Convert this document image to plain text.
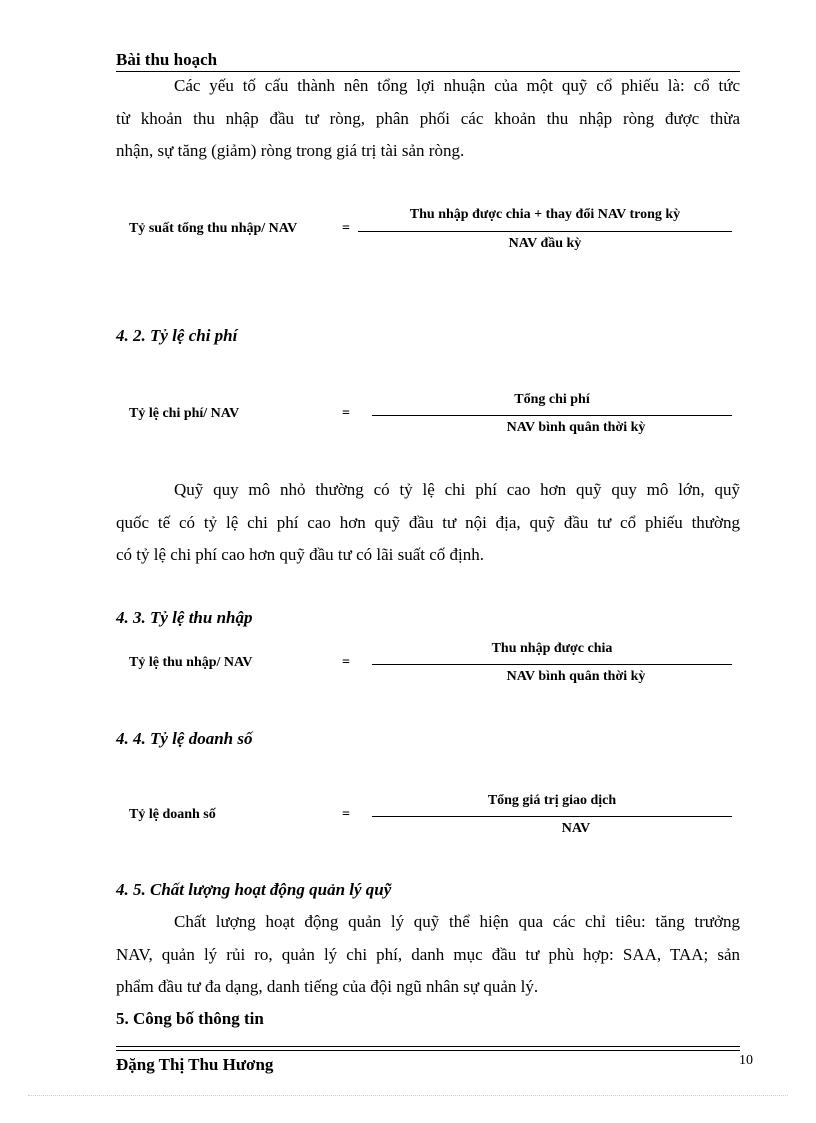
Bài thu hoạch
Các yếu tố cấu thành nên tổng lợi nhuận của một quỹ cổ phiếu là: cổ tức
từ khoản thu nhập đầu tư ròng, phân phối các khoản thu nhập ròng được thừa
nhận, sự tăng (giảm) ròng trong giá trị tài sản ròng.
Tỷ suất tổng thu nhập/ NAV	=
Thu nhập được chia + thay đổi NAV trong kỳ
NAV đầu kỳ
4. 2. Tỷ lệ chi phí
Tỷ lệ chi phí/ NAV	=
Tổng chi phí
NAV bình quân thời kỳ
Quỹ quy mô nhỏ thường có tỷ lệ chi phí cao hơn quỹ quy mô lớn, quỹ
quốc tế có tỷ lệ chi phí cao hơn quỹ đầu tư nội địa, quỹ đầu tư cổ phiếu thường
có tỷ lệ chi phí cao hơn quỹ đầu tư có lãi suất cố định.
4. 3. Tỷ lệ thu nhập
Tỷ lệ thu nhập/ NAV	=
Thu nhập được chia
NAV bình quân thời kỳ
4. 4. Tỷ lệ doanh số
Tỷ lệ doanh số	=
Tổng giá trị giao dịch
NAV
4. 5. Chất lượng hoạt động quản lý quỹ
Chất lượng hoạt động quản lý quỹ thể hiện qua các chỉ tiêu: tăng trưởng
NAV, quản lý rủi ro, quản lý chi phí, danh mục đầu tư phù hợp: SAA, TAA; sản
phẩm đầu tư đa dạng, danh tiếng của đội ngũ nhân sự quản lý.
5. Công bố thông tin
Đặng Thị Thu Hương	10
